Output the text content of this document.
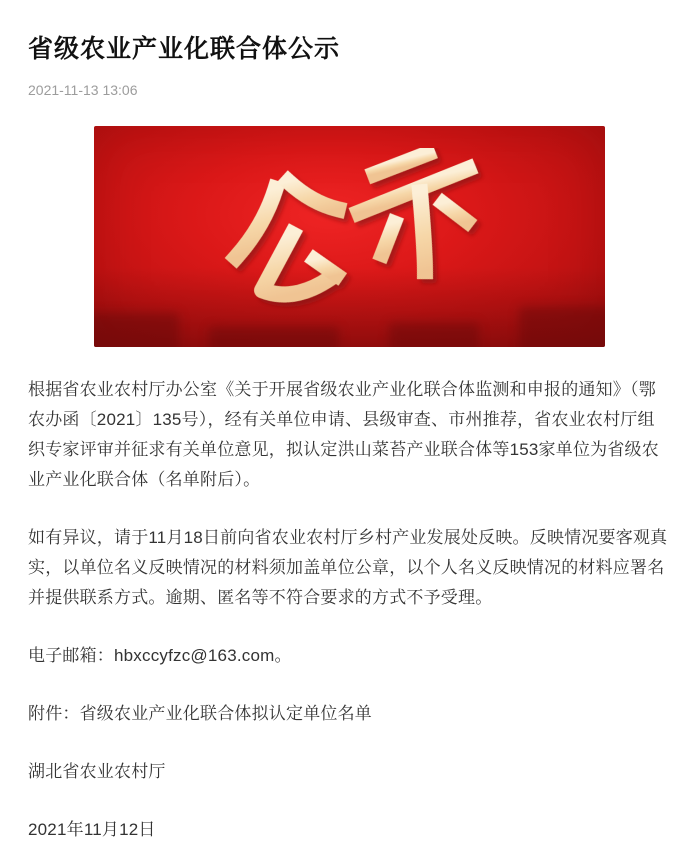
省级农业产业化联合体公示
2021-11-13 13:06

根据省农业农村厅办公室《关于开展省级农业产业化联合体监测和申报的通知》（鄂农办函〔2021〕135号），经有关单位申请、县级审查、市州推荐，省农业农村厅组织专家评审并征求有关单位意见，拟认定洪山菜苔产业联合体等153家单位为省级农业产业化联合体（名单附后）。

如有异议，请于11月18日前向省农业农村厅乡村产业发展处反映。反映情况要客观真实，以单位名义反映情况的材料须加盖单位公章，以个人名义反映情况的材料应署名并提供联系方式。逾期、匿名等不符合要求的方式不予受理。

电子邮箱：hbxccyfzc@163.com。

附件：省级农业产业化联合体拟认定单位名单

湖北省农业农村厅

2021年11月12日
